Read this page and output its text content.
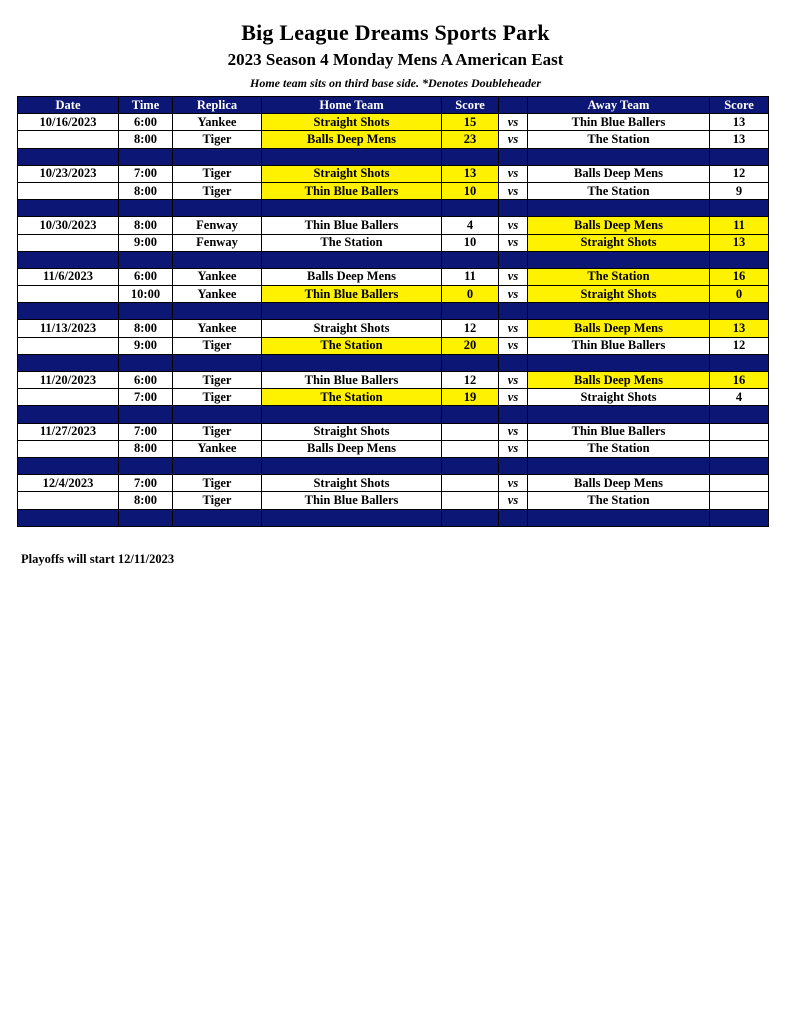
Big League Dreams Sports Park
2023 Season 4 Monday Mens A American East
Home team sits on third base side. *Denotes Doubleheader
Date	Time	Replica	Home Team	Score		Away Team	Score
10/16/2023	6:00	Yankee	Straight Shots	15	vs	Thin Blue Ballers	13
	8:00	Tiger	Balls Deep Mens	23	vs	The Station	13

10/23/2023	7:00	Tiger	Straight Shots	13	vs	Balls Deep Mens	12
	8:00	Tiger	Thin Blue Ballers	10	vs	The Station	9

10/30/2023	8:00	Fenway	Thin Blue Ballers	4	vs	Balls Deep Mens	11
	9:00	Fenway	The Station	10	vs	Straight Shots	13

11/6/2023	6:00	Yankee	Balls Deep Mens	11	vs	The Station	16
	10:00	Yankee	Thin Blue Ballers	0	vs	Straight Shots	0

11/13/2023	8:00	Yankee	Straight Shots	12	vs	Balls Deep Mens	13
	9:00	Tiger	The Station	20	vs	Thin Blue Ballers	12

11/20/2023	6:00	Tiger	Thin Blue Ballers	12	vs	Balls Deep Mens	16
	7:00	Tiger	The Station	19	vs	Straight Shots	4

11/27/2023	7:00	Tiger	Straight Shots		vs	Thin Blue Ballers	
	8:00	Yankee	Balls Deep Mens		vs	The Station	

12/4/2023	7:00	Tiger	Straight Shots		vs	Balls Deep Mens	
	8:00	Tiger	Thin Blue Ballers		vs	The Station	

Playoffs will start 12/11/2023
